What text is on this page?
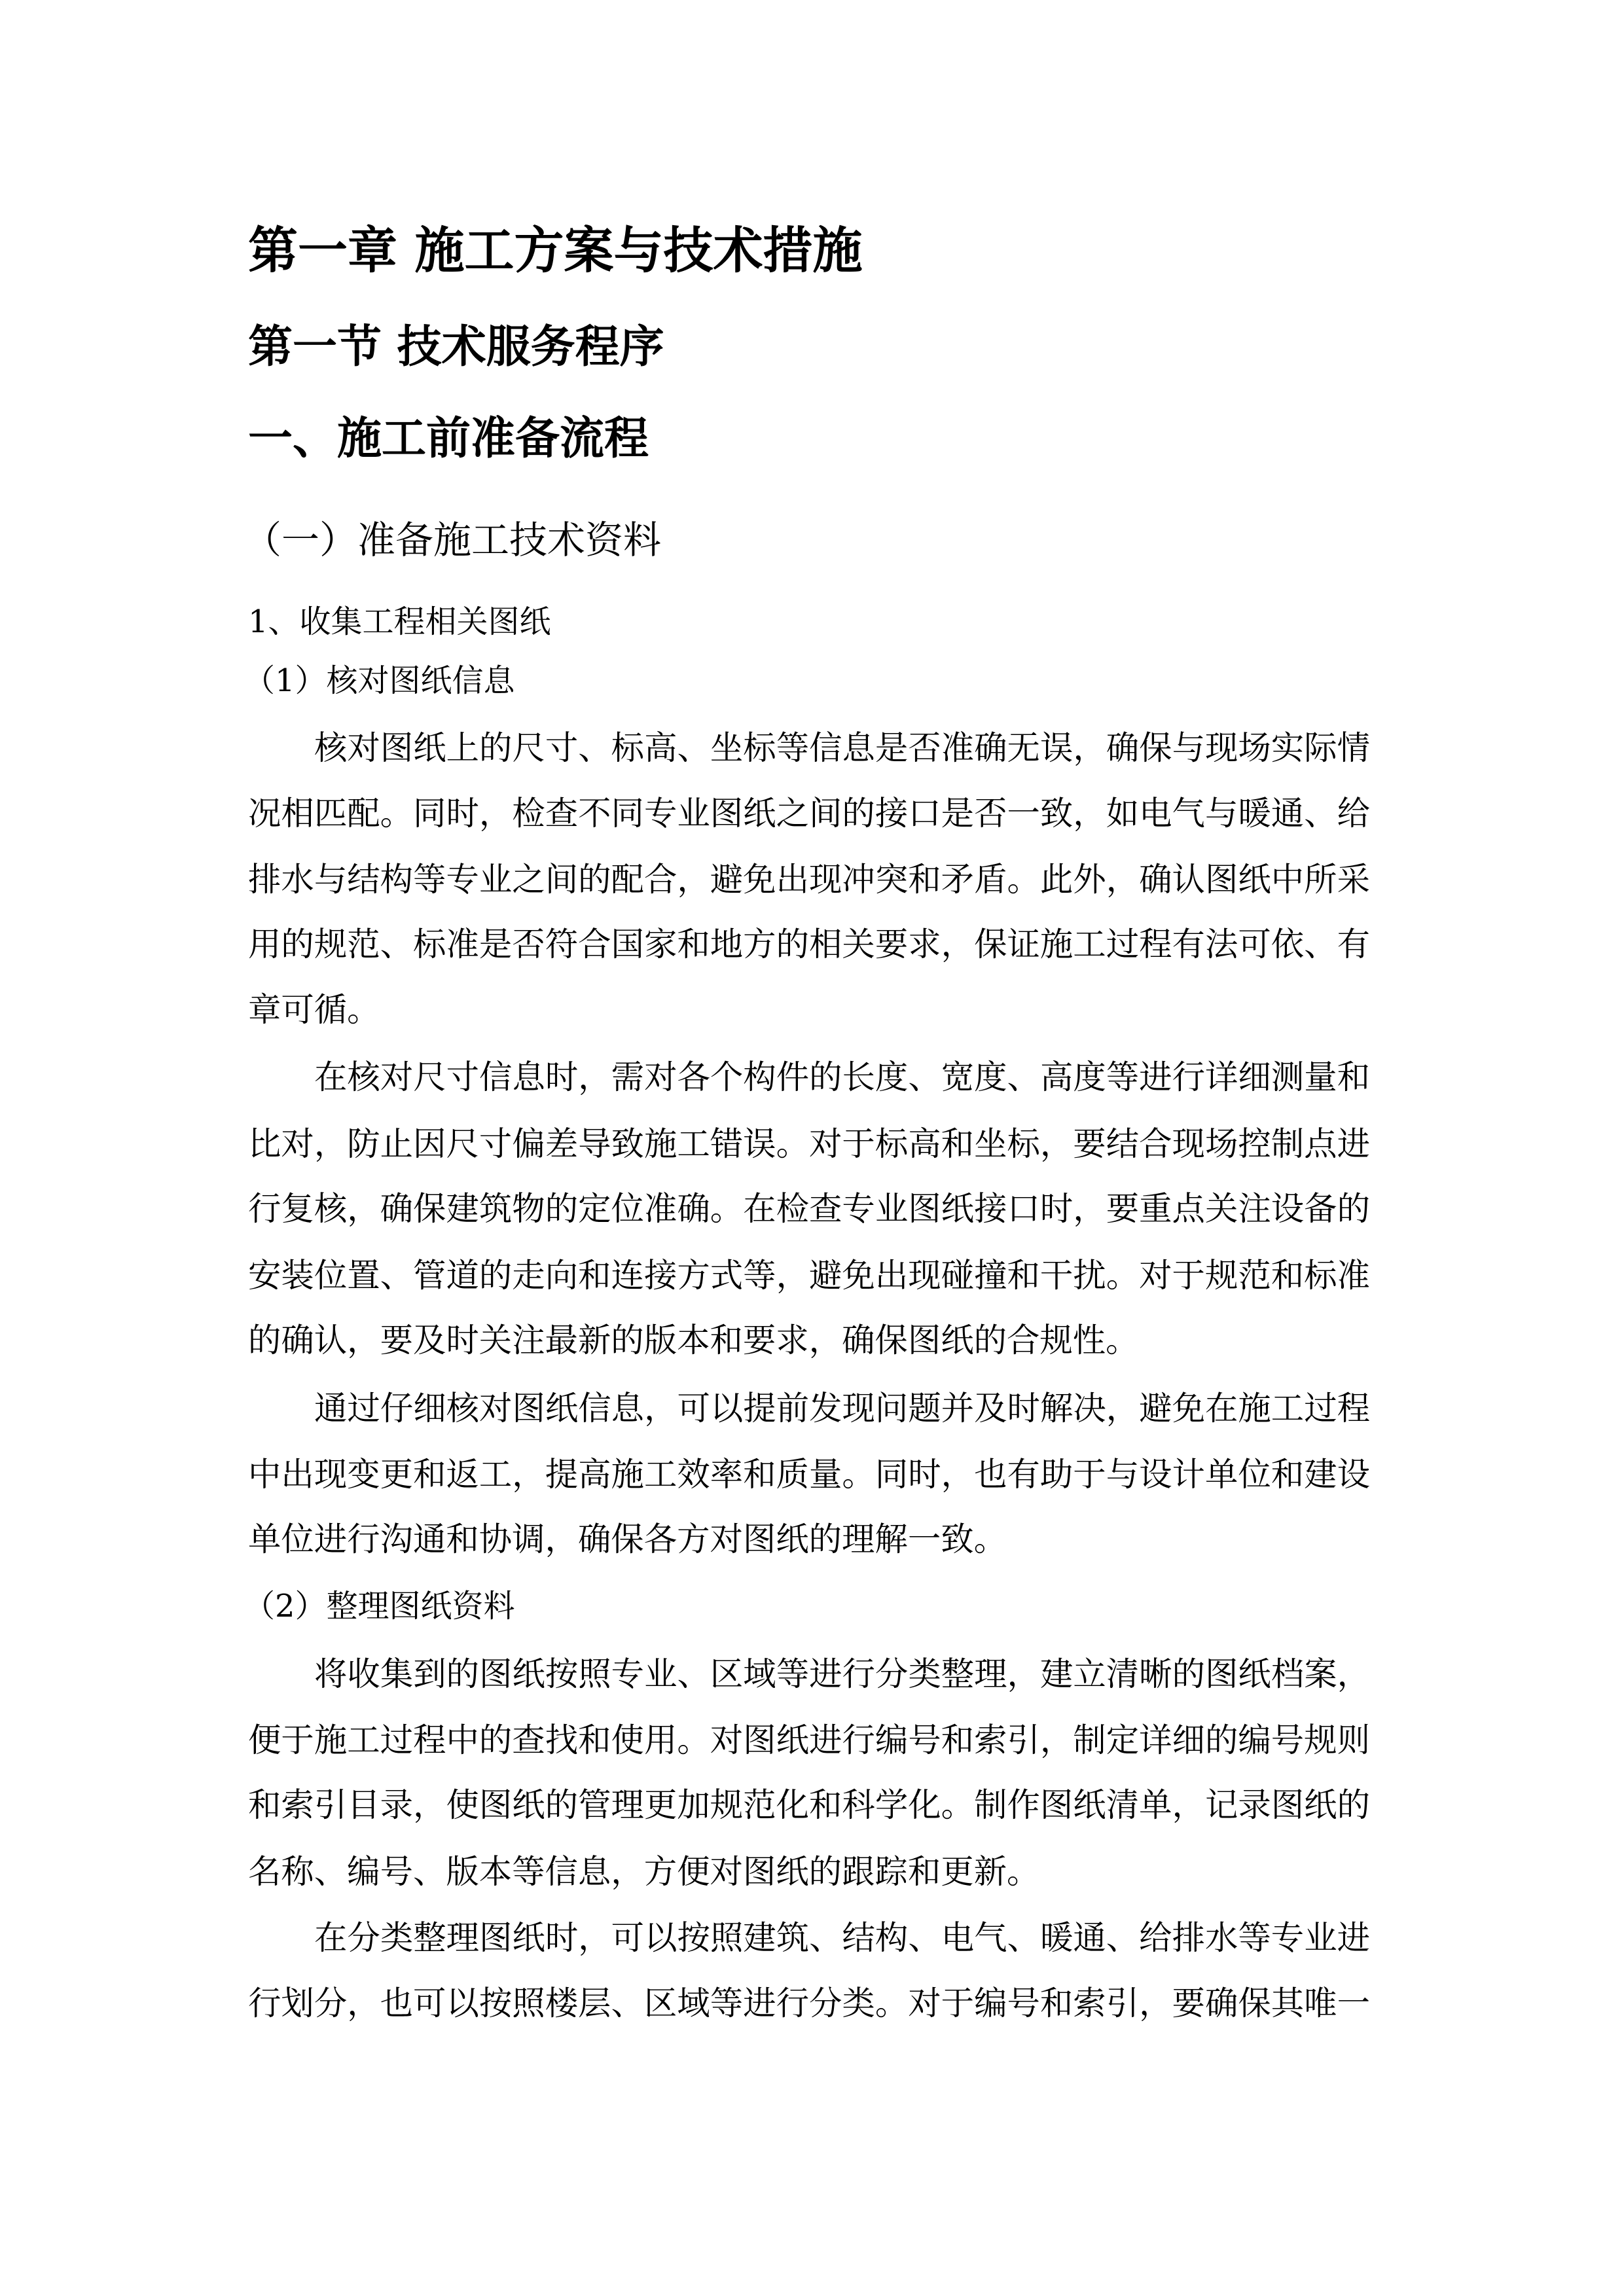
第一章 施工方案与技术措施
第一节 技术服务程序
一、施工前准备流程
（一）准备施工技术资料
1、收集工程相关图纸
（1）核对图纸信息
核对图纸上的尺寸、标高、坐标等信息是否准确无误，确保与现场实际情
况相匹配。同时，检查不同专业图纸之间的接口是否一致，如电气与暖通、给
排水与结构等专业之间的配合，避免出现冲突和矛盾。此外，确认图纸中所采
用的规范、标准是否符合国家和地方的相关要求，保证施工过程有法可依、有
章可循。
在核对尺寸信息时，需对各个构件的长度、宽度、高度等进行详细测量和
比对，防止因尺寸偏差导致施工错误。对于标高和坐标，要结合现场控制点进
行复核，确保建筑物的定位准确。在检查专业图纸接口时，要重点关注设备的
安装位置、管道的走向和连接方式等，避免出现碰撞和干扰。对于规范和标准
的确认，要及时关注最新的版本和要求，确保图纸的合规性。
通过仔细核对图纸信息，可以提前发现问题并及时解决，避免在施工过程
中出现变更和返工，提高施工效率和质量。同时，也有助于与设计单位和建设
单位进行沟通和协调，确保各方对图纸的理解一致。
（2）整理图纸资料
将收集到的图纸按照专业、区域等进行分类整理，建立清晰的图纸档案，
便于施工过程中的查找和使用。对图纸进行编号和索引，制定详细的编号规则
和索引目录，使图纸的管理更加规范化和科学化。制作图纸清单，记录图纸的
名称、编号、版本等信息，方便对图纸的跟踪和更新。
在分类整理图纸时，可以按照建筑、结构、电气、暖通、给排水等专业进
行划分，也可以按照楼层、区域等进行分类。对于编号和索引，要确保其唯一
